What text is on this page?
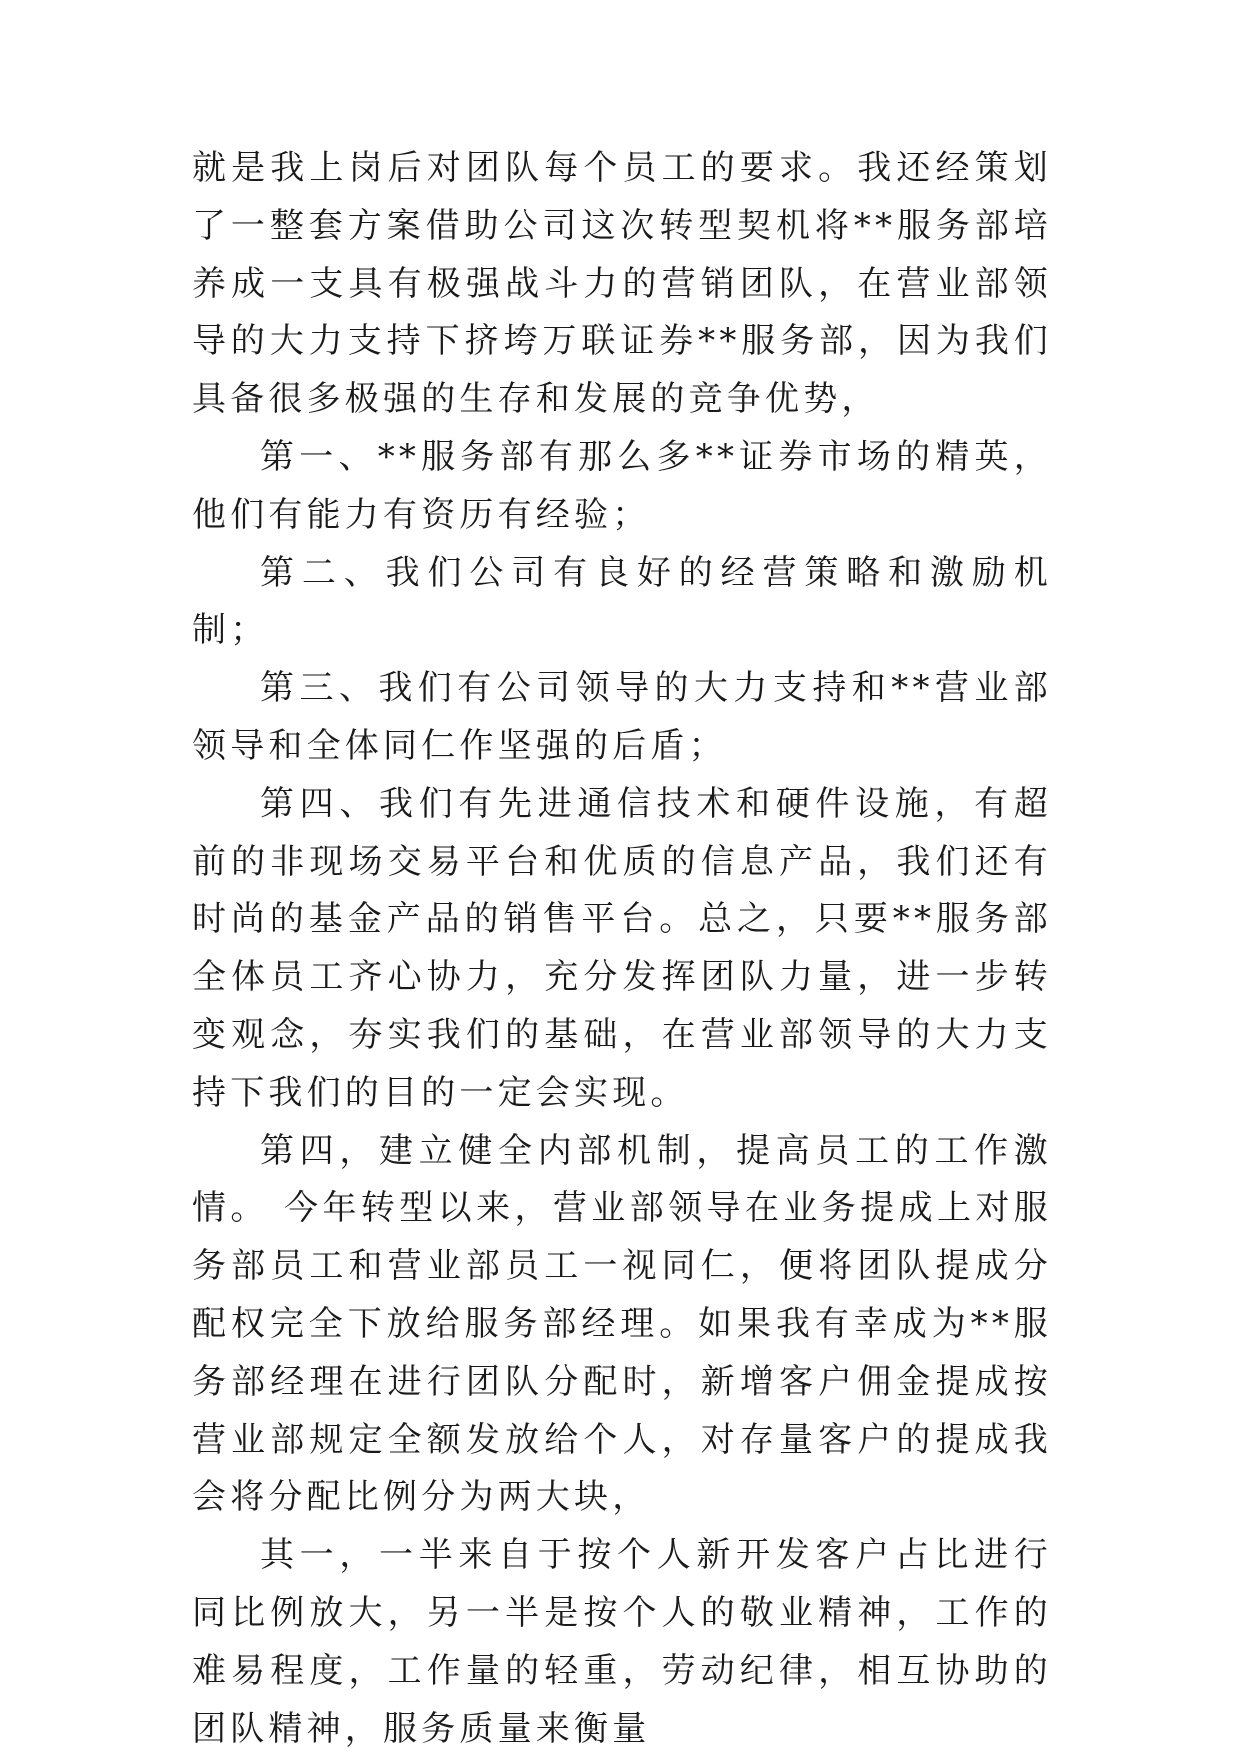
就是我上岗后对团队每个员工的要求。我还经策划了一整套方案借助公司这次转型契机将**服务部培养成一支具有极强战斗力的营销团队，在营业部领导的大力支持下挤垮万联证券**服务部，因为我们具备很多极强的生存和发展的竞争优势，

第一、**服务部有那么多**证券市场的精英，他们有能力有资历有经验；

第二、我们公司有良好的经营策略和激励机制；

第三、我们有公司领导的大力支持和**营业部领导和全体同仁作坚强的后盾；

第四、我们有先进通信技术和硬件设施，有超前的非现场交易平台和优质的信息产品，我们还有时尚的基金产品的销售平台。总之，只要**服务部全体员工齐心协力，充分发挥团队力量，进一步转变观念，夯实我们的基础，在营业部领导的大力支持下我们的目的一定会实现。

第四，建立健全内部机制，提高员工的工作激情。 今年转型以来，营业部领导在业务提成上对服务部员工和营业部员工一视同仁，便将团队提成分配权完全下放给服务部经理。如果我有幸成为**服务部经理在进行团队分配时，新增客户佣金提成按营业部规定全额发放给个人，对存量客户的提成我会将分配比例分为两大块，

其一，一半来自于按个人新开发客户占比进行同比例放大，另一半是按个人的敬业精神，工作的难易程度，工作量的轻重，劳动纪律，相互协助的团队精神，服务质量来衡量
